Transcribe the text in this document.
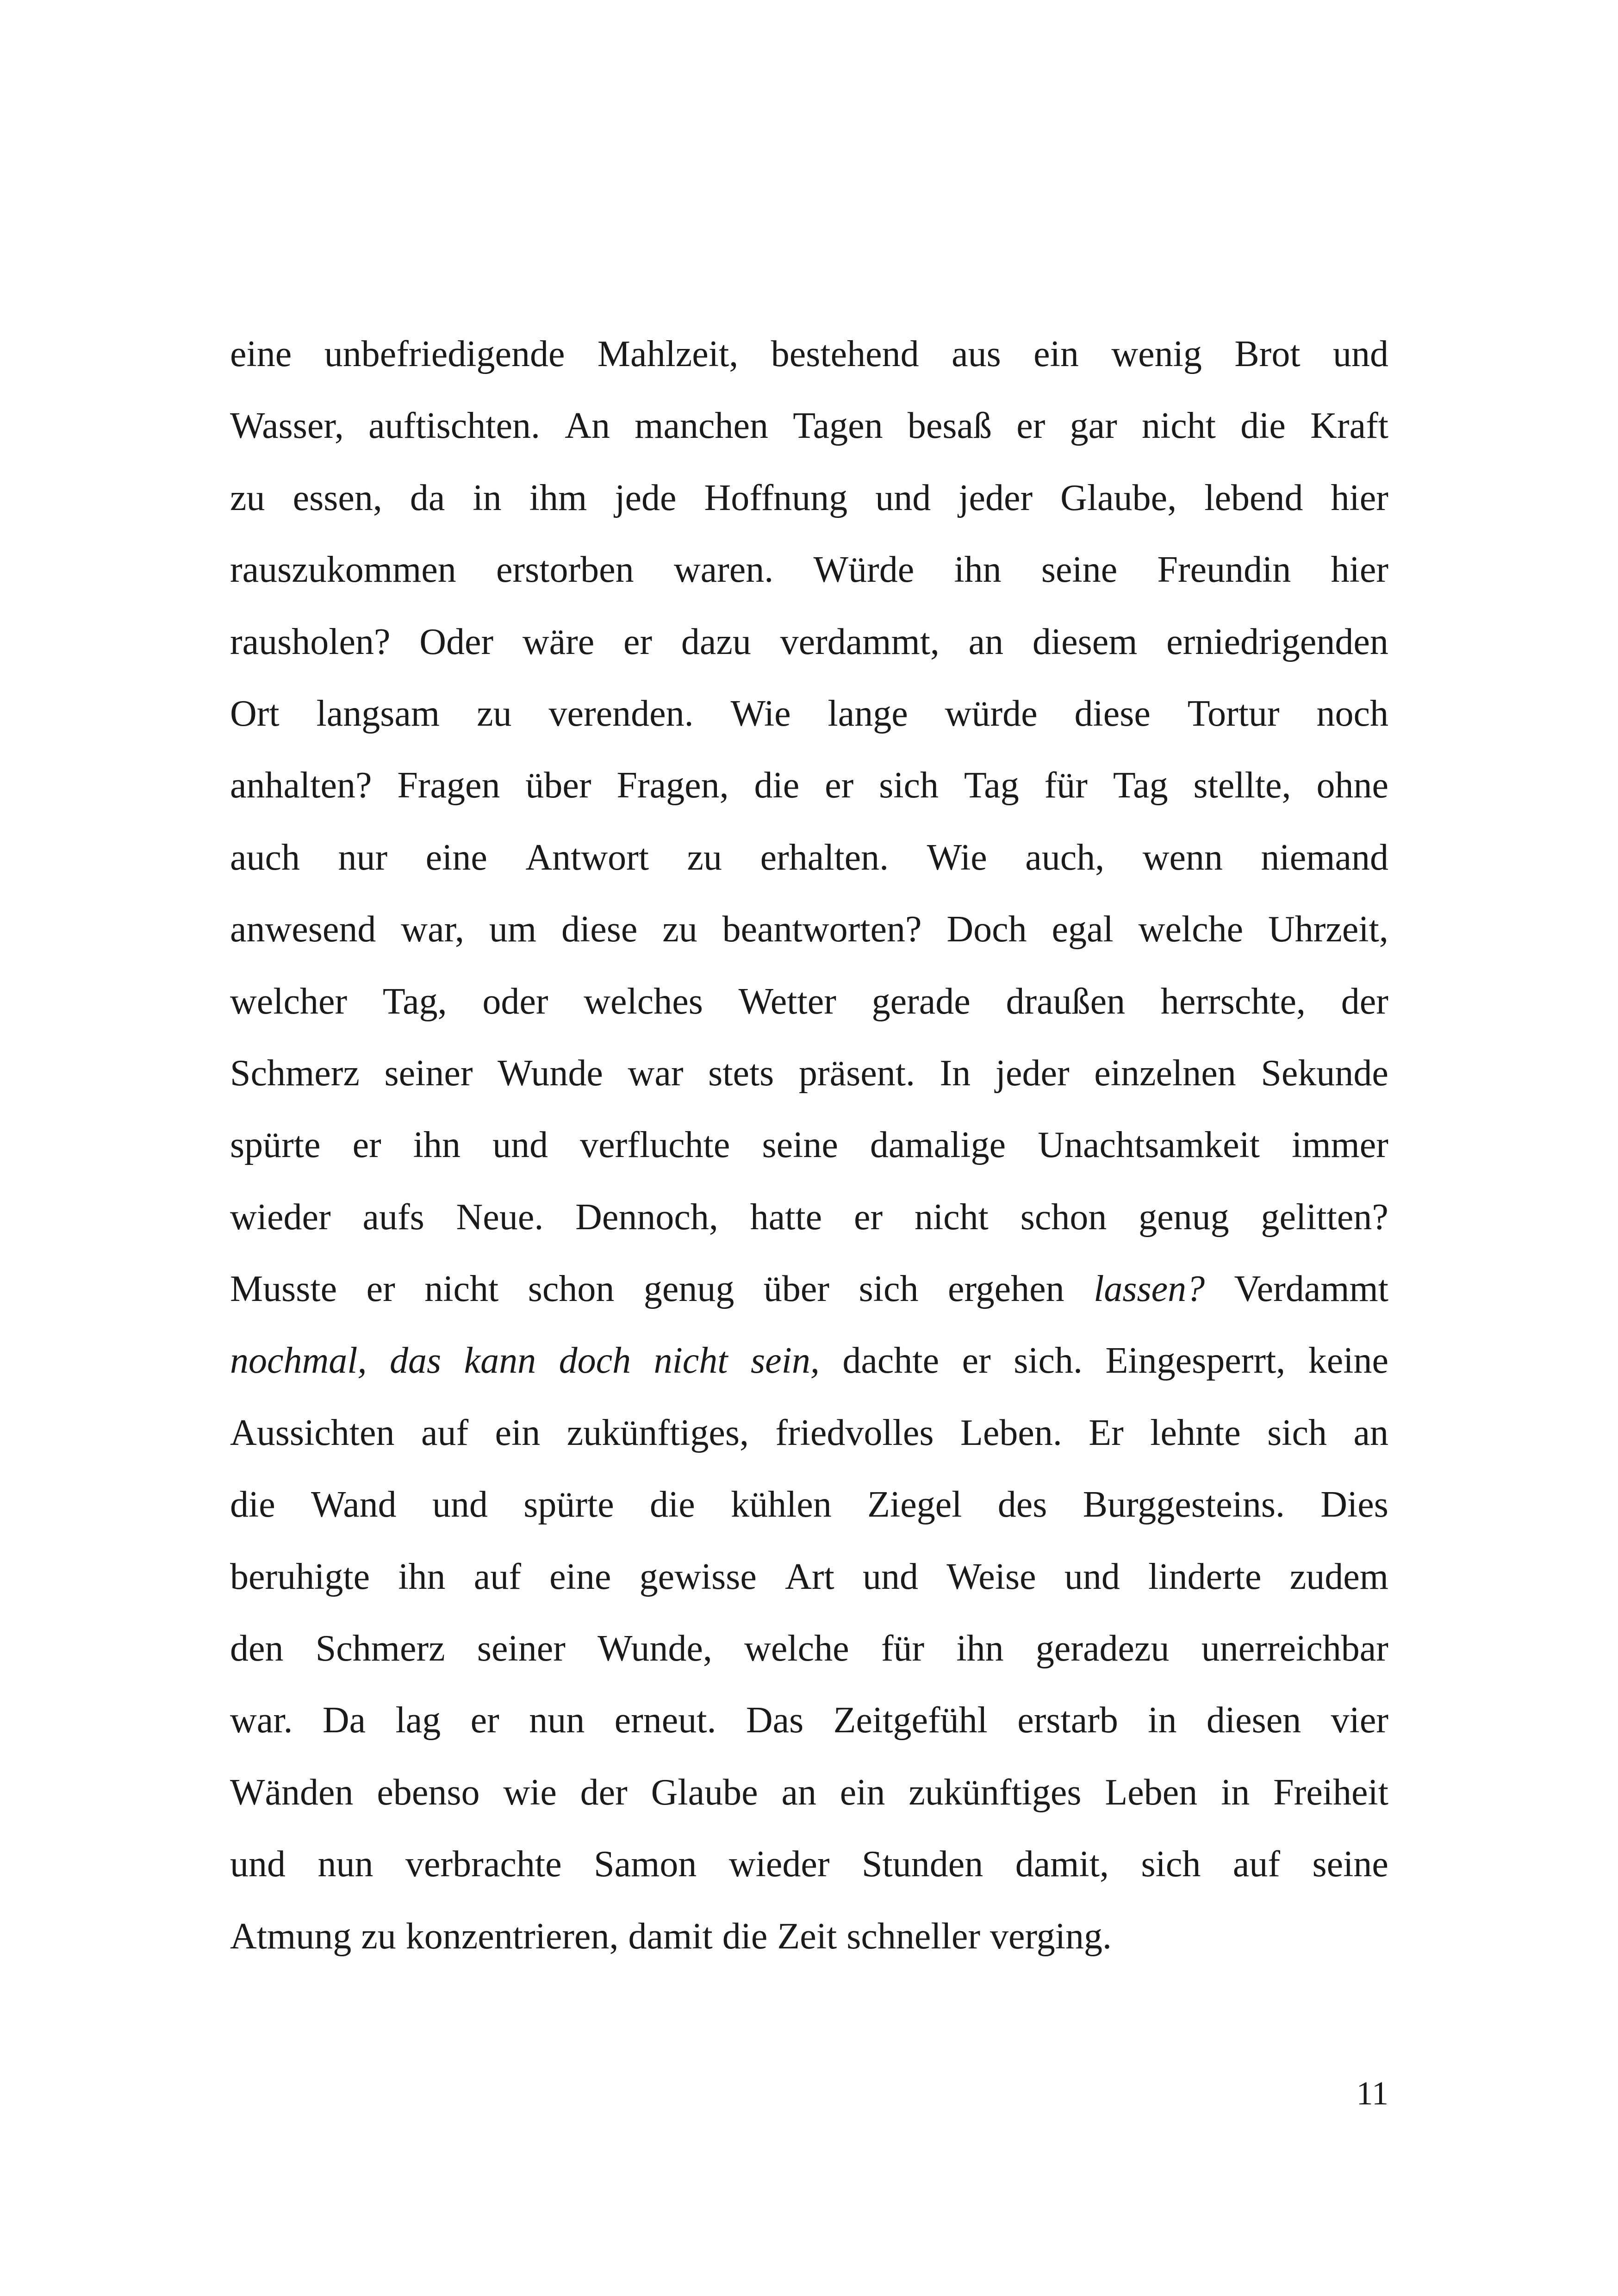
eine unbefriedigende Mahlzeit, bestehend aus ein wenig Brot und
Wasser, auftischten. An manchen Tagen besaß er gar nicht die Kraft
zu essen, da in ihm jede Hoffnung und jeder Glaube, lebend hier
rauszukommen erstorben waren. Würde ihn seine Freundin hier
rausholen? Oder wäre er dazu verdammt, an diesem erniedrigenden
Ort langsam zu verenden. Wie lange würde diese Tortur noch
anhalten? Fragen über Fragen, die er sich Tag für Tag stellte, ohne
auch nur eine Antwort zu erhalten. Wie auch, wenn niemand
anwesend war, um diese zu beantworten? Doch egal welche Uhrzeit,
welcher Tag, oder welches Wetter gerade draußen herrschte, der
Schmerz seiner Wunde war stets präsent. In jeder einzelnen Sekunde
spürte er ihn und verfluchte seine damalige Unachtsamkeit immer
wieder aufs Neue. Dennoch, hatte er nicht schon genug gelitten?
Musste er nicht schon genug über sich ergehen lassen? Verdammt
nochmal, das kann doch nicht sein, dachte er sich. Eingesperrt, keine
Aussichten auf ein zukünftiges, friedvolles Leben. Er lehnte sich an
die Wand und spürte die kühlen Ziegel des Burggesteins. Dies
beruhigte ihn auf eine gewisse Art und Weise und linderte zudem
den Schmerz seiner Wunde, welche für ihn geradezu unerreichbar
war. Da lag er nun erneut. Das Zeitgefühl erstarb in diesen vier
Wänden ebenso wie der Glaube an ein zukünftiges Leben in Freiheit
und nun verbrachte Samon wieder Stunden damit, sich auf seine
Atmung zu konzentrieren, damit die Zeit schneller verging.
11
